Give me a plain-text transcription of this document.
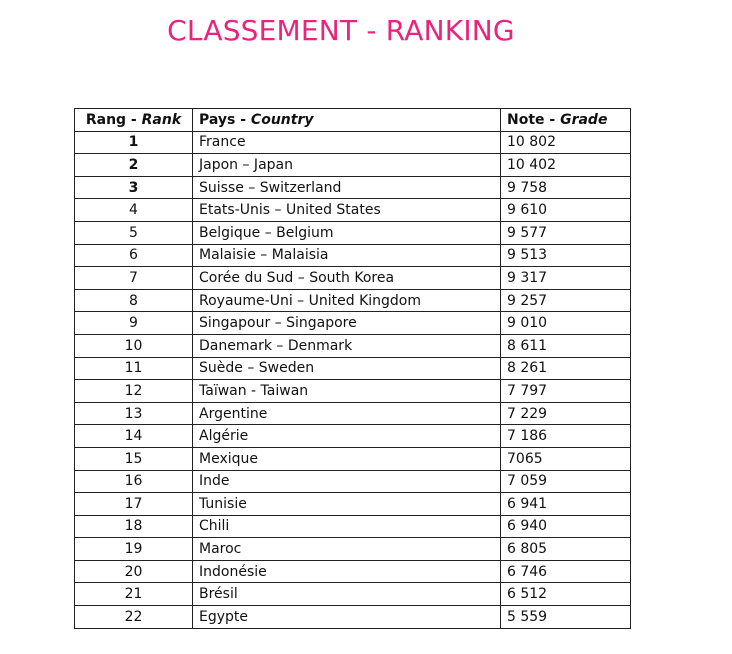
CLASSEMENT - RANKING
Rang - Rank	Pays - Country	Note - Grade
1	France	10 802
2	Japon – Japan	10 402
3	Suisse – Switzerland	9 758
4	Etats-Unis – United States	9 610
5	Belgique – Belgium	9 577
6	Malaisie – Malaisia	9 513
7	Corée du Sud – South Korea	9 317
8	Royaume-Uni – United Kingdom	9 257
9	Singapour – Singapore	9 010
10	Danemark – Denmark	8 611
11	Suède – Sweden	8 261
12	Taïwan - Taiwan	7 797
13	Argentine	7 229
14	Algérie	7 186
15	Mexique	7065
16	Inde	7 059
17	Tunisie	6 941
18	Chili	6 940
19	Maroc	6 805
20	Indonésie	6 746
21	Brésil	6 512
22	Egypte	5 559
